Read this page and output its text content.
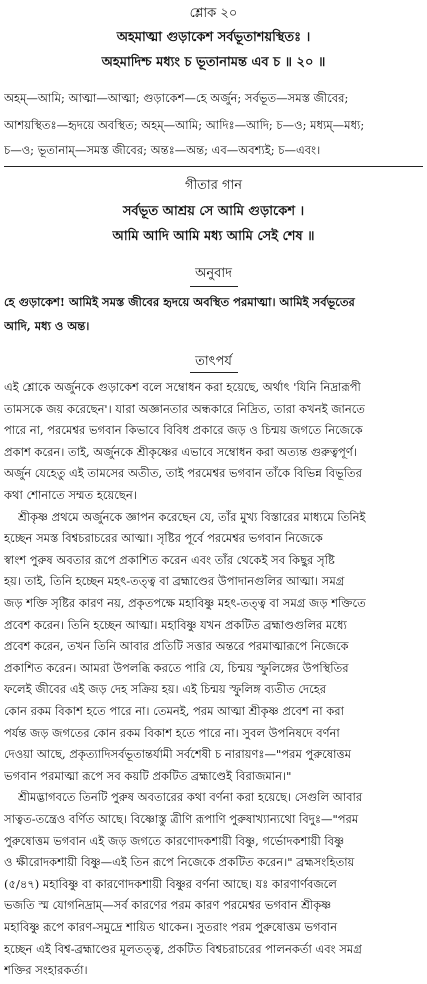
শ্লোক ২০
অহমাত্মা গুড়াকেশ সর্বভূতাশয়স্থিতঃ ।
অহমাদিশ্চ মধ্যং চ ভূতানামন্ত এব চ ॥ ২০ ॥
অহম্—আমি; আত্মা—আত্মা; গুড়াকেশ—হে অর্জুন; সর্বভূত—সমস্ত জীবের;
আশয়স্থিতঃ—হৃদয়ে অবস্থিত; অহম্—আমি; আদিঃ—আদি; চ—ও; মধ্যম্—মধ্য;
চ—ও; ভূতানাম্—সমস্ত জীবের; অন্তঃ—অন্ত; এব—অবশ্যই; চ—এবং।
গীতার গান
সর্বভূত আশ্রয় সে আমি গুড়াকেশ ।
আমি আদি আমি মধ্য আমি সেই শেষ ॥
অনুবাদ
হে গুড়াকেশ! আমিই সমস্ত জীবের হৃদয়ে অবস্থিত পরমাত্মা। আমিই সর্বভূতের
আদি, মধ্য ও অন্ত।
তাৎপর্য
এই শ্লোকে অর্জুনকে গুড়াকেশ বলে সম্বোধন করা হয়েছে, অর্থাৎ 'যিনি নিদ্রারূপী
তামসকে জয় করেছেন'। যারা অজ্ঞানতার অন্ধকারে নিদ্রিত, তারা কখনই জানতে
পারে না, পরমেশ্বর ভগবান কিভাবে বিবিধ প্রকারে জড় ও চিন্ময় জগতে নিজেকে
প্রকাশ করেন। তাই, অর্জুনকে শ্রীকৃষ্ণের এভাবে সম্বোধন করা অত্যন্ত গুরুত্বপূর্ণ।
অর্জুন যেহেতু এই তামসের অতীত, তাই পরমেশ্বর ভগবান তাঁকে বিভিন্ন বিভূতির
কথা শোনাতে সম্মত হয়েছেন।
শ্রীকৃষ্ণ প্রথমে অর্জুনকে জ্ঞাপন করেছেন যে, তাঁর মুখ্য বিস্তারের মাধ্যমে তিনিই
হচ্ছেন সমস্ত বিশ্বচরাচরের আত্মা। সৃষ্টির পূর্বে পরমেশ্বর ভগবান নিজেকে
স্বাংশ পুরুষ অবতার রূপে প্রকাশিত করেন এবং তাঁর থেকেই সব কিছুর সৃষ্টি
হয়। তাই, তিনি হচ্ছেন মহৎ-তত্ত্ব বা ব্রহ্মাণ্ডের উপাদানগুলির আত্মা। সমগ্র
জড় শক্তি সৃষ্টির কারণ নয়, প্রকৃতপক্ষে মহাবিষ্ণু মহৎ-তত্ত্ব বা সমগ্র জড় শক্তিতে
প্রবেশ করেন। তিনি হচ্ছেন আত্মা। মহাবিষ্ণু যখন প্রকটিত ব্রহ্মাণ্ডগুলির মধ্যে
প্রবেশ করেন, তখন তিনি আবার প্রতিটি সত্তার অন্তরে পরমাত্মারূপে নিজেকে
প্রকাশিত করেন। আমরা উপলব্ধি করতে পারি যে, চিন্ময় স্ফুলিঙ্গের উপস্থিতির
ফলেই জীবের এই জড় দেহ সক্রিয় হয়। এই চিন্ময় স্ফুলিঙ্গ ব্যতীত দেহের
কোন রকম বিকাশ হতে পারে না। তেমনই, পরম আত্মা শ্রীকৃষ্ণ প্রবেশ না করা
পর্যন্ত জড় জগতের কোন রকম বিকাশ হতে পারে না। সুবল উপনিষদে বর্ণনা
দেওয়া আছে, প্রকৃত্যাদিসর্বভূতান্তর্যামী সর্বশেষী চ নারায়ণঃ—"পরম পুরুষোত্তম
ভগবান পরমাত্মা রূপে সব কয়টি প্রকটিত ব্রহ্মাণ্ডেই বিরাজমান।"
শ্রীমদ্ভাগবতে তিনটি পুরুষ অবতারের কথা বর্ণনা করা হয়েছে। সেগুলি আবার
সাত্বত-তন্ত্রেও বর্ণিত আছে। বিষ্ণোস্তু ত্রীণি রূপাণি পুরুষাখ্যান্যথো বিদুঃ—"পরম
পুরুষোত্তম ভগবান এই জড় জগতে কারণোদকশায়ী বিষ্ণু, গর্ভোদকশায়ী বিষ্ণু
ও ক্ষীরোদকশায়ী বিষ্ণু—এই তিন রূপে নিজেকে প্রকটিত করেন।" ব্রহ্মসংহিতায়
(৫/৪৭) মহাবিষ্ণু বা কারণোদকশায়ী বিষ্ণুর বর্ণনা আছে। যঃ কারণার্ণবজলে
ভজতি স্ম যোগনিদ্রাম্—সর্ব কারণের পরম কারণ পরমেশ্বর ভগবান শ্রীকৃষ্ণ
মহাবিষ্ণু রূপে কারণ-সমুদ্রে শায়িত থাকেন। সুতরাং পরম পুরুষোত্তম ভগবান
হচ্ছেন এই বিশ্ব-ব্রহ্মাণ্ডের মূলতত্ত্ব, প্রকটিত বিশ্বচরাচরের পালনকর্তা এবং সমগ্র
শক্তির সংহারকর্তা।
